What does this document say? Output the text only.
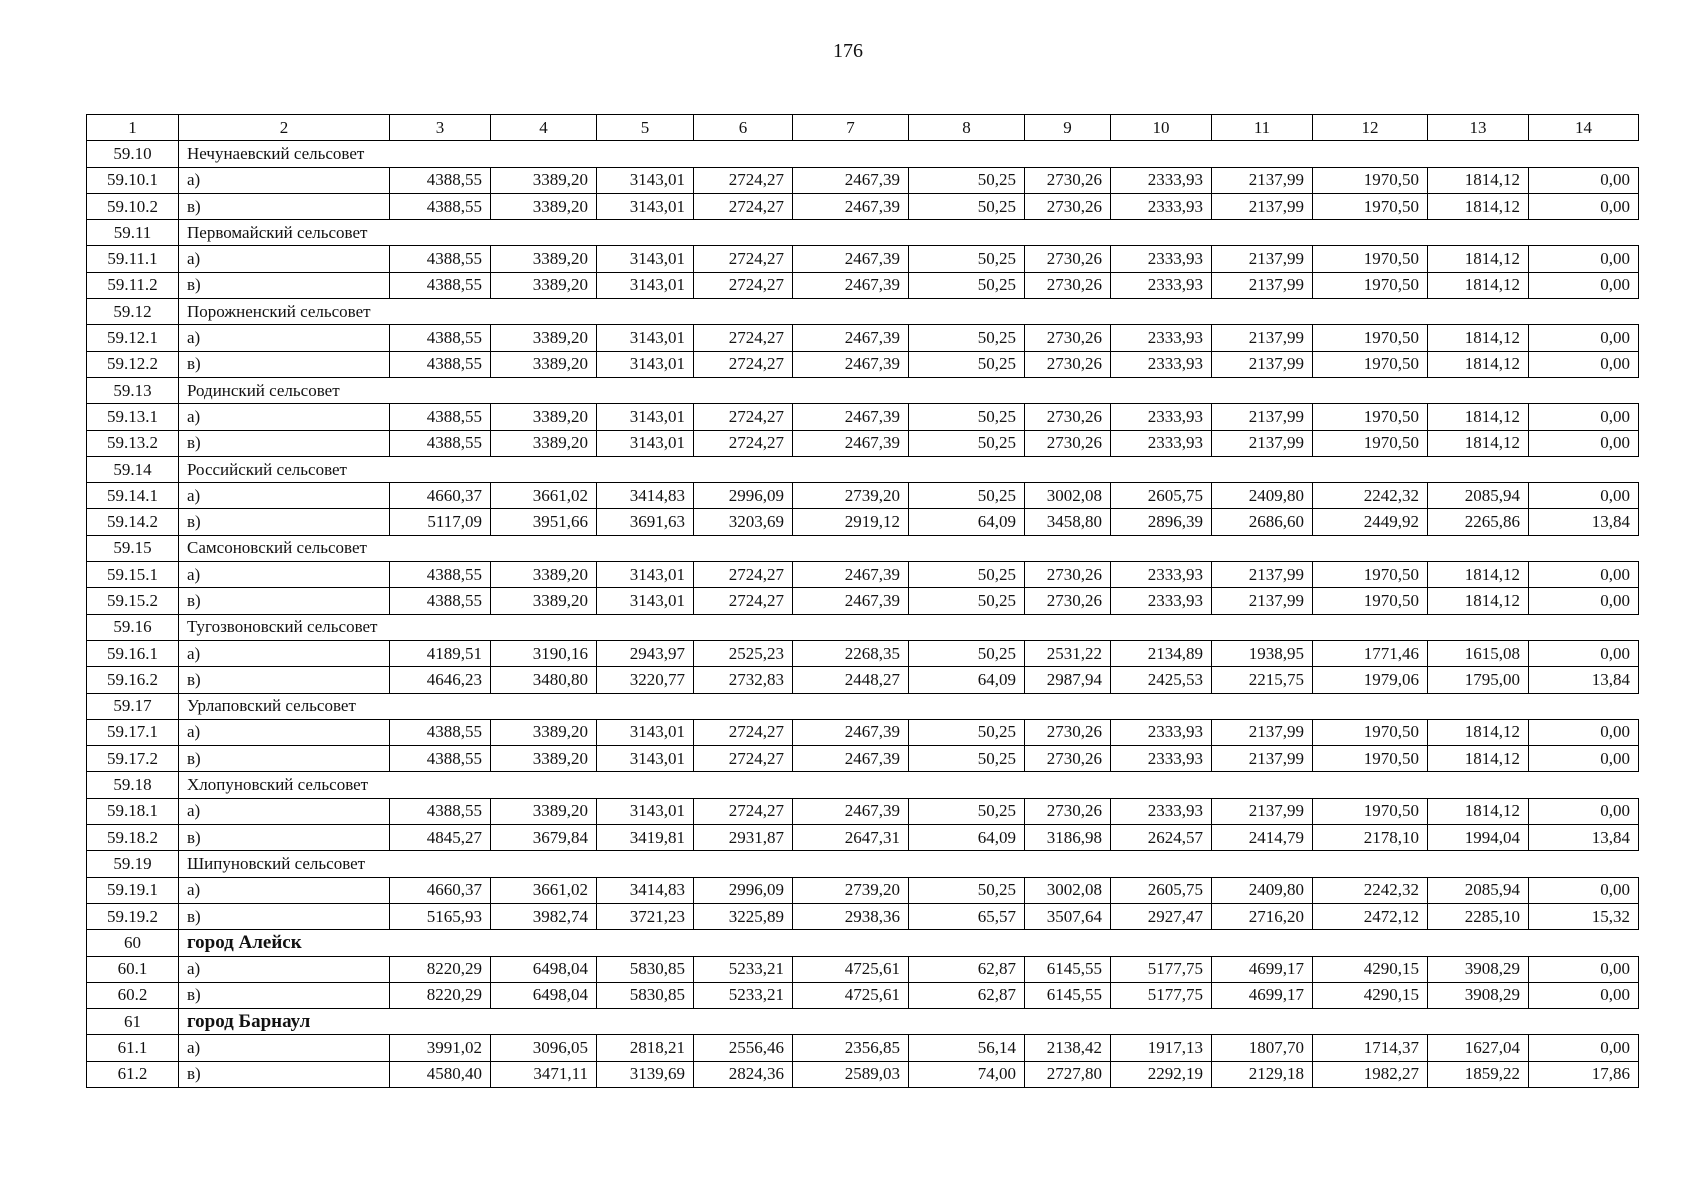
176
1	2	3	4	5	6	7	8	9	10	11	12	13	14
59.10	Нечунаевский сельсовет												
59.10.1	а)	4388,55	3389,20	3143,01	2724,27	2467,39	50,25	2730,26	2333,93	2137,99	1970,50	1814,12	0,00
59.10.2	в)	4388,55	3389,20	3143,01	2724,27	2467,39	50,25	2730,26	2333,93	2137,99	1970,50	1814,12	0,00
59.11	Первомайский сельсовет												
59.11.1	а)	4388,55	3389,20	3143,01	2724,27	2467,39	50,25	2730,26	2333,93	2137,99	1970,50	1814,12	0,00
59.11.2	в)	4388,55	3389,20	3143,01	2724,27	2467,39	50,25	2730,26	2333,93	2137,99	1970,50	1814,12	0,00
59.12	Порожненский сельсовет												
59.12.1	а)	4388,55	3389,20	3143,01	2724,27	2467,39	50,25	2730,26	2333,93	2137,99	1970,50	1814,12	0,00
59.12.2	в)	4388,55	3389,20	3143,01	2724,27	2467,39	50,25	2730,26	2333,93	2137,99	1970,50	1814,12	0,00
59.13	Родинский сельсовет												
59.13.1	а)	4388,55	3389,20	3143,01	2724,27	2467,39	50,25	2730,26	2333,93	2137,99	1970,50	1814,12	0,00
59.13.2	в)	4388,55	3389,20	3143,01	2724,27	2467,39	50,25	2730,26	2333,93	2137,99	1970,50	1814,12	0,00
59.14	Российский сельсовет												
59.14.1	а)	4660,37	3661,02	3414,83	2996,09	2739,20	50,25	3002,08	2605,75	2409,80	2242,32	2085,94	0,00
59.14.2	в)	5117,09	3951,66	3691,63	3203,69	2919,12	64,09	3458,80	2896,39	2686,60	2449,92	2265,86	13,84
59.15	Самсоновский сельсовет												
59.15.1	а)	4388,55	3389,20	3143,01	2724,27	2467,39	50,25	2730,26	2333,93	2137,99	1970,50	1814,12	0,00
59.15.2	в)	4388,55	3389,20	3143,01	2724,27	2467,39	50,25	2730,26	2333,93	2137,99	1970,50	1814,12	0,00
59.16	Тугозвоновский сельсовет												
59.16.1	а)	4189,51	3190,16	2943,97	2525,23	2268,35	50,25	2531,22	2134,89	1938,95	1771,46	1615,08	0,00
59.16.2	в)	4646,23	3480,80	3220,77	2732,83	2448,27	64,09	2987,94	2425,53	2215,75	1979,06	1795,00	13,84
59.17	Урлаповский сельсовет												
59.17.1	а)	4388,55	3389,20	3143,01	2724,27	2467,39	50,25	2730,26	2333,93	2137,99	1970,50	1814,12	0,00
59.17.2	в)	4388,55	3389,20	3143,01	2724,27	2467,39	50,25	2730,26	2333,93	2137,99	1970,50	1814,12	0,00
59.18	Хлопуновский сельсовет												
59.18.1	а)	4388,55	3389,20	3143,01	2724,27	2467,39	50,25	2730,26	2333,93	2137,99	1970,50	1814,12	0,00
59.18.2	в)	4845,27	3679,84	3419,81	2931,87	2647,31	64,09	3186,98	2624,57	2414,79	2178,10	1994,04	13,84
59.19	Шипуновский сельсовет												
59.19.1	а)	4660,37	3661,02	3414,83	2996,09	2739,20	50,25	3002,08	2605,75	2409,80	2242,32	2085,94	0,00
59.19.2	в)	5165,93	3982,74	3721,23	3225,89	2938,36	65,57	3507,64	2927,47	2716,20	2472,12	2285,10	15,32
60	город Алейск												
60.1	а)	8220,29	6498,04	5830,85	5233,21	4725,61	62,87	6145,55	5177,75	4699,17	4290,15	3908,29	0,00
60.2	в)	8220,29	6498,04	5830,85	5233,21	4725,61	62,87	6145,55	5177,75	4699,17	4290,15	3908,29	0,00
61	город Барнаул												
61.1	а)	3991,02	3096,05	2818,21	2556,46	2356,85	56,14	2138,42	1917,13	1807,70	1714,37	1627,04	0,00
61.2	в)	4580,40	3471,11	3139,69	2824,36	2589,03	74,00	2727,80	2292,19	2129,18	1982,27	1859,22	17,86
